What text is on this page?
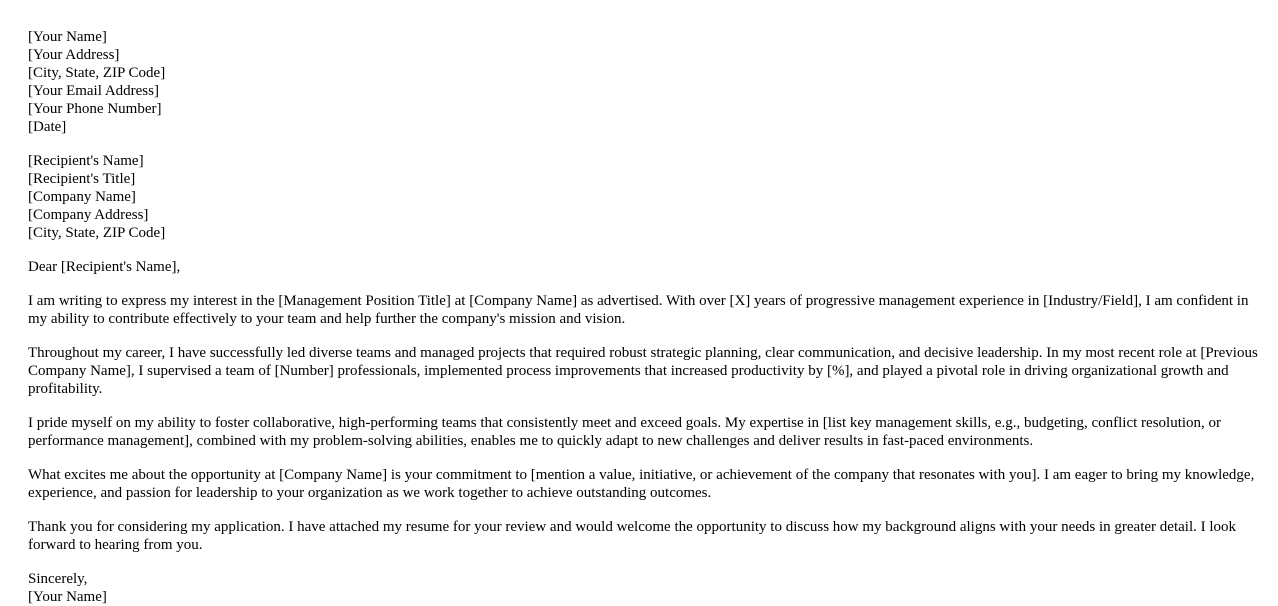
[Your Name]
[Your Address]
[City, State, ZIP Code]
[Your Email Address]
[Your Phone Number]
[Date]
[Recipient's Name]
[Recipient's Title]
[Company Name]
[Company Address]
[City, State, ZIP Code]

Dear [Recipient's Name],

I am writing to express my interest in the [Management Position Title] at [Company Name] as advertised. With over [X] years of progressive management experience in [Industry/Field], I am confident in my ability to contribute effectively to your team and help further the company's mission and vision.

Throughout my career, I have successfully led diverse teams and managed projects that required robust strategic planning, clear communication, and decisive leadership. In my most recent role at [Previous Company Name], I supervised a team of [Number] professionals, implemented process improvements that increased productivity by [%], and played a pivotal role in driving organizational growth and profitability.

I pride myself on my ability to foster collaborative, high-performing teams that consistently meet and exceed goals. My expertise in [list key management skills, e.g., budgeting, conflict resolution, or performance management], combined with my problem-solving abilities, enables me to quickly adapt to new challenges and deliver results in fast-paced environments.

What excites me about the opportunity at [Company Name] is your commitment to [mention a value, initiative, or achievement of the company that resonates with you]. I am eager to bring my knowledge, experience, and passion for leadership to your organization as we work together to achieve outstanding outcomes.

Thank you for considering my application. I have attached my resume for your review and would welcome the opportunity to discuss how my background aligns with your needs in greater detail. I look forward to hearing from you.

Sincerely,
[Your Name]
